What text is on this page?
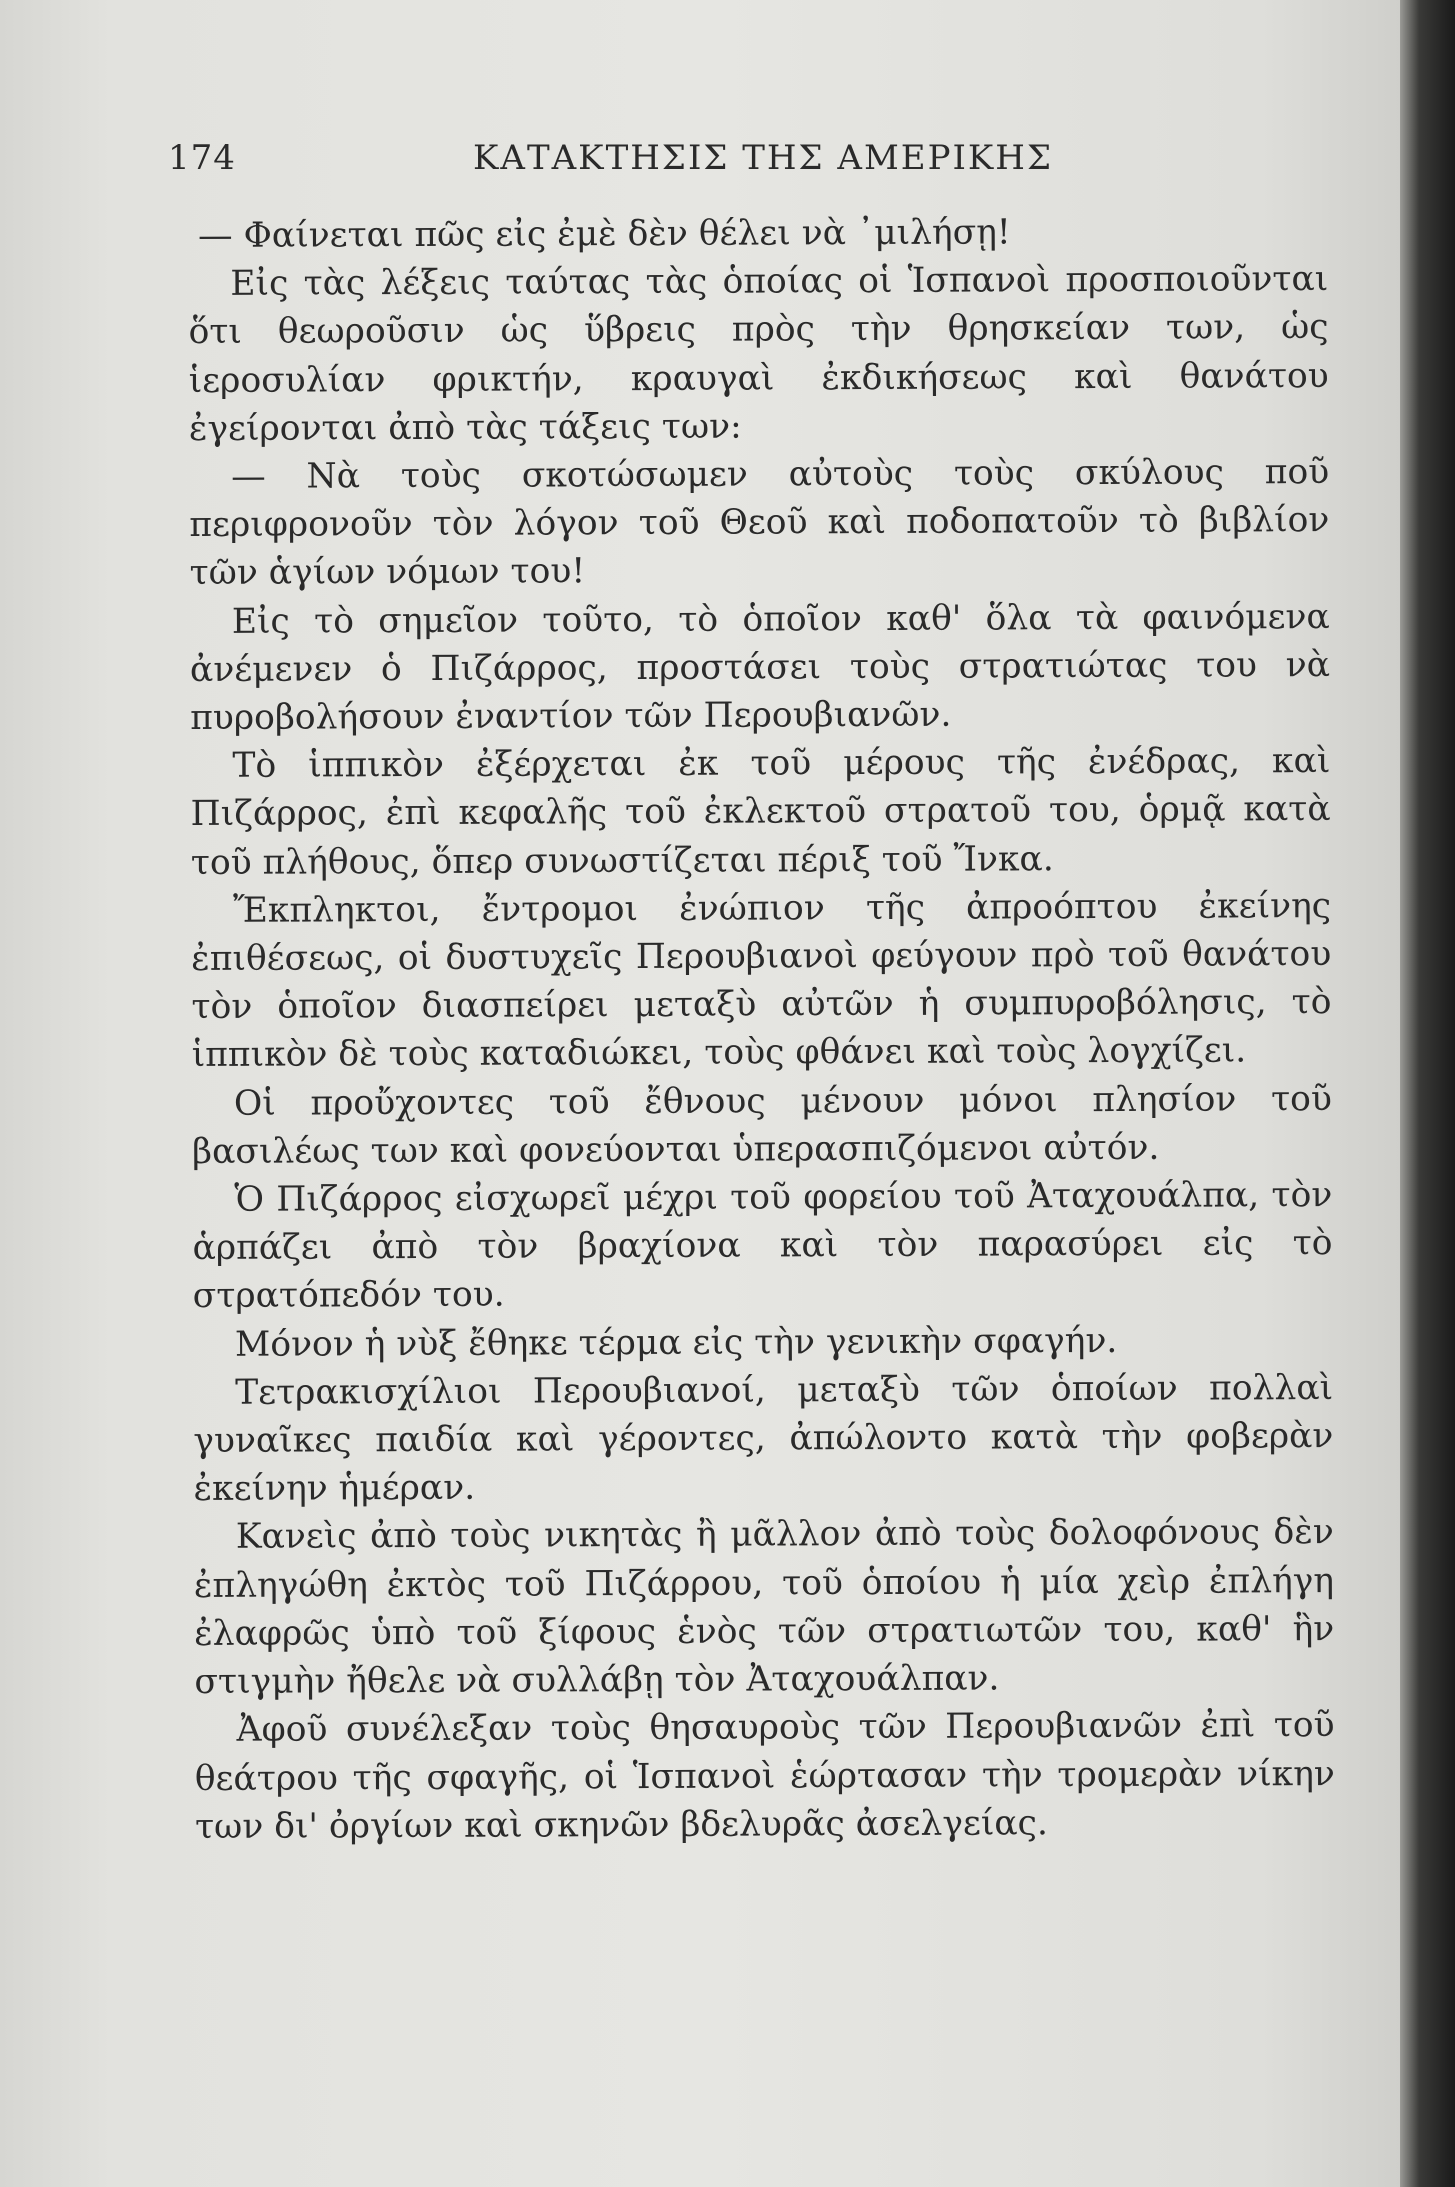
174	ΚΑΤΑΚΤΗΣΙΣ ΤΗΣ ΑΜΕΡΙΚΗΣ

— Φαίνεται πῶς εἰς ἐμὲ δὲν θέλει νὰ ᾿μιλήσῃ!

Εἰς τὰς λέξεις ταύτας τὰς ὁποίας οἱ Ἱσπανοὶ προσποιοῦνται ὅτι θεωροῦσιν ὡς ὕβρεις πρὸς τὴν θρησκείαν των, ὡς ἱεροσυλίαν φρικτήν, κραυγαὶ ἐκδικήσεως καὶ θανάτου ἐγείρονται ἀπὸ τὰς τάξεις των:

— Νὰ τοὺς σκοτώσωμεν αὐτοὺς τοὺς σκύλους ποῦ περιφρονοῦν τὸν λόγον τοῦ Θεοῦ καὶ ποδοπατοῦν τὸ βιβλίον τῶν ἁγίων νόμων του!

Εἰς τὸ σημεῖον τοῦτο, τὸ ὁποῖον καθ' ὅλα τὰ φαινόμενα ἀνέμενεν ὁ Πιζάρρος, προστάσει τοὺς στρατιώτας του νὰ πυροβολήσουν ἐναντίον τῶν Περουβιανῶν.

Τὸ ἱππικὸν ἐξέρχεται ἐκ τοῦ μέρους τῆς ἐνέδρας, καὶ Πιζάρρος, ἐπὶ κεφαλῆς τοῦ ἐκλεκτοῦ στρατοῦ του, ὁρμᾷ κατὰ τοῦ πλήθους, ὅπερ συνωστίζεται πέριξ τοῦ Ἴνκα.

Ἔκπληκτοι, ἔντρομοι ἐνώπιον τῆς ἀπροόπτου ἐκείνης ἐπιθέσεως, οἱ δυστυχεῖς Περουβιανοὶ φεύγουν πρὸ τοῦ θανάτου τὸν ὁποῖον διασπείρει μεταξὺ αὐτῶν ἡ συμπυροβόλησις, τὸ ἱππικὸν δὲ τοὺς καταδιώκει, τοὺς φθάνει καὶ τοὺς λογχίζει.

Οἱ προὔχοντες τοῦ ἔθνους μένουν μόνοι πλησίον τοῦ βασιλέως των καὶ φονεύονται ὑπερασπιζόμενοι αὐτόν.

Ὁ Πιζάρρος εἰσχωρεῖ μέχρι τοῦ φορείου τοῦ Ἀταχουάλπα, τὸν ἁρπάζει ἀπὸ τὸν βραχίονα καὶ τὸν παρασύρει εἰς τὸ στρατόπεδόν του.

Μόνον ἡ νὺξ ἔθηκε τέρμα εἰς τὴν γενικὴν σφαγήν.

Τετρακισχίλιοι Περουβιανοί, μεταξὺ τῶν ὁποίων πολλαὶ γυναῖκες παιδία καὶ γέροντες, ἀπώλοντο κατὰ τὴν φοβερὰν ἐκείνην ἡμέραν.

Κανεὶς ἀπὸ τοὺς νικητὰς ἢ μᾶλλον ἀπὸ τοὺς δολοφόνους δὲν ἐπληγώθη ἐκτὸς τοῦ Πιζάρρου, τοῦ ὁποίου ἡ μία χεὶρ ἐπλήγη ἐλαφρῶς ὑπὸ τοῦ ξίφους ἑνὸς τῶν στρατιωτῶν του, καθ' ἣν στιγμὴν ἤθελε νὰ συλλάβῃ τὸν Ἀταχουάλπαν.

Ἀφοῦ συνέλεξαν τοὺς θησαυροὺς τῶν Περουβιανῶν ἐπὶ τοῦ θεάτρου τῆς σφαγῆς, οἱ Ἱσπανοὶ ἑώρτασαν τὴν τρομερὰν νίκην των δι' ὀργίων καὶ σκηνῶν βδελυρᾶς ἀσελγείας.
